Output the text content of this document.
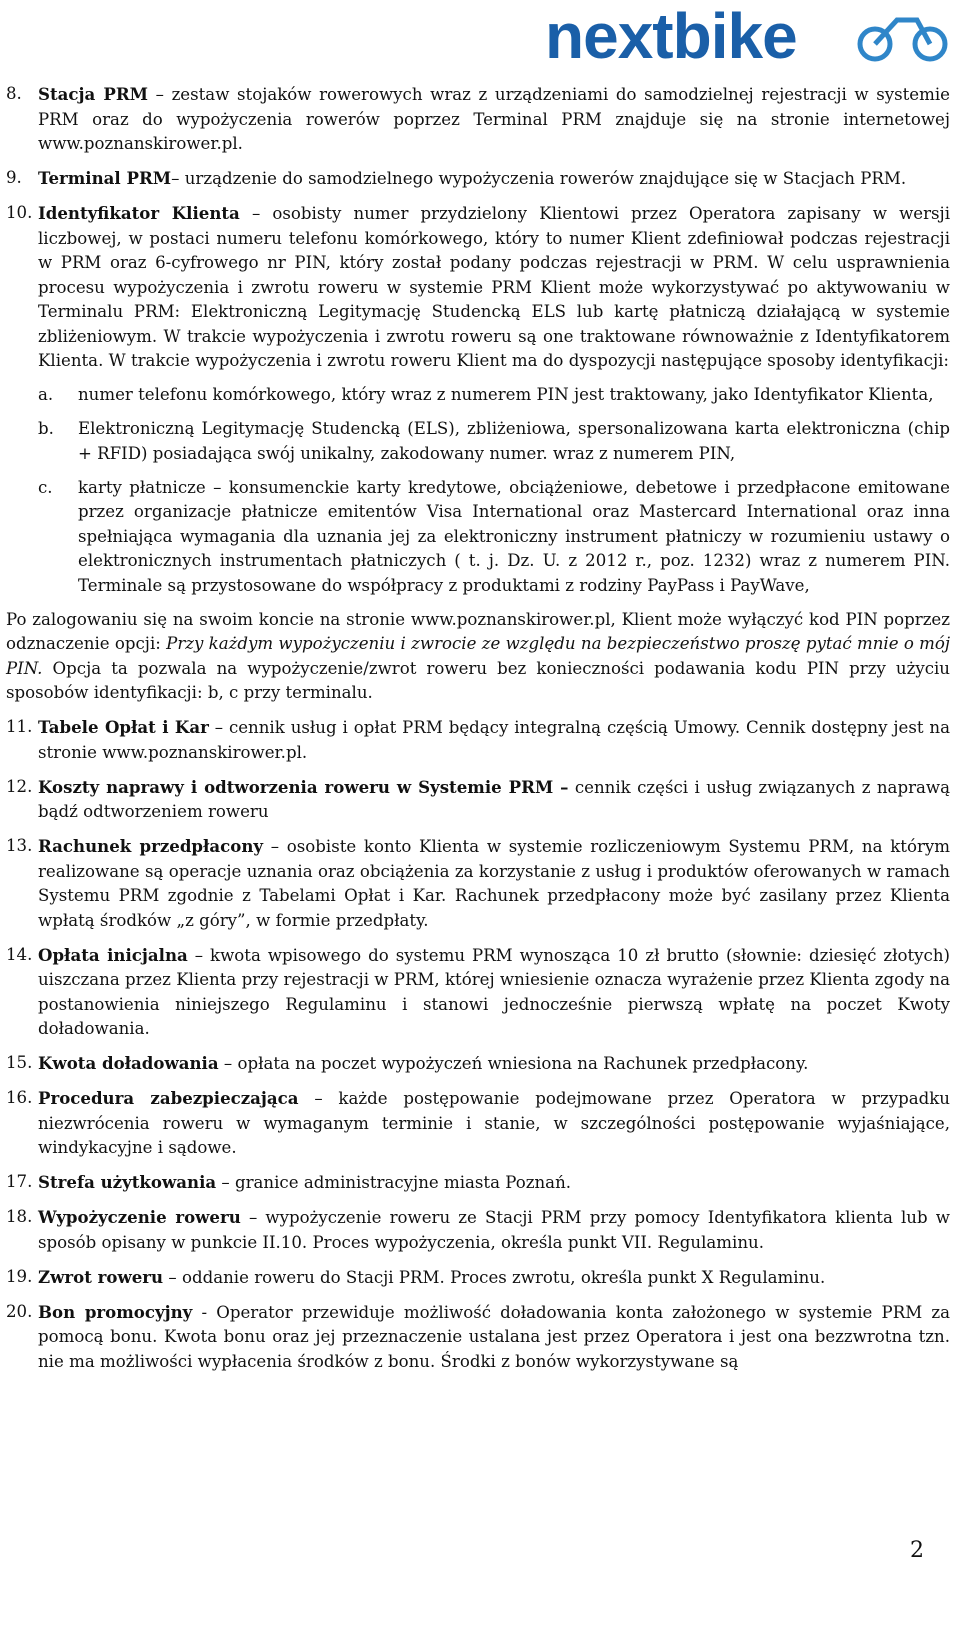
nextbike
8. Stacja PRM – zestaw stojaków rowerowych wraz z urządzeniami do samodzielnej rejestracji w systemie PRM oraz do wypożyczenia rowerów poprzez Terminal PRM znajduje się na stronie internetowej www.poznanskirower.pl.

9. Terminal PRM– urządzenie do samodzielnego wypożyczenia rowerów znajdujące się w Stacjach PRM.

10. Identyfikator Klienta – osobisty numer przydzielony Klientowi przez Operatora zapisany w wersji liczbowej, w postaci numeru telefonu komórkowego, który to numer Klient zdefiniował podczas rejestracji w PRM oraz 6-cyfrowego nr PIN, który został podany podczas rejestracji w PRM. W celu usprawnienia procesu wypożyczenia i zwrotu roweru w systemie PRM Klient może wykorzystywać po aktywowaniu w Terminalu PRM: Elektroniczną Legitymację Studencką ELS lub kartę płatniczą działającą w systemie zbliżeniowym. W trakcie wypożyczenia i zwrotu roweru są one traktowane równoważnie z Identyfikatorem Klienta. W trakcie wypożyczenia i zwrotu roweru Klient ma do dyspozycji następujące sposoby identyfikacji:

a. numer telefonu komórkowego, który wraz z numerem PIN jest traktowany, jako Identyfikator Klienta,
b. Elektroniczną Legitymację Studencką (ELS), zbliżeniowa, spersonalizowana karta elektroniczna (chip + RFID) posiadająca swój unikalny, zakodowany numer. wraz z numerem PIN,
c. karty płatnicze – konsumenckie karty kredytowe, obciążeniowe, debetowe i przedpłacone emitowane przez organizacje płatnicze emitentów Visa International oraz Mastercard International oraz inna spełniająca wymagania dla uznania jej za elektroniczny instrument płatniczy w rozumieniu ustawy o elektronicznych instrumentach płatniczych ( t. j. Dz. U. z 2012 r., poz. 1232) wraz z numerem PIN. Terminale są przystosowane do współpracy z produktami z rodziny PayPass i PayWave,

Po zalogowaniu się na swoim koncie na stronie www.poznanskirower.pl, Klient może wyłączyć kod PIN poprzez odznaczenie opcji: Przy każdym wypożyczeniu i zwrocie ze względu na bezpieczeństwo proszę pytać mnie o mój PIN. Opcja ta pozwala na wypożyczenie/zwrot roweru bez konieczności podawania kodu PIN przy użyciu sposobów identyfikacji: b, c przy terminalu.

11. Tabele Opłat i Kar – cennik usług i opłat PRM będący integralną częścią Umowy. Cennik dostępny jest na stronie www.poznanskirower.pl.

12. Koszty naprawy i odtworzenia roweru w Systemie PRM – cennik części i usług związanych z naprawą bądź odtworzeniem roweru

13. Rachunek przedpłacony – osobiste konto Klienta w systemie rozliczeniowym Systemu PRM, na którym realizowane są operacje uznania oraz obciążenia za korzystanie z usług i produktów oferowanych w ramach Systemu PRM zgodnie z Tabelami Opłat i Kar. Rachunek przedpłacony może być zasilany przez Klienta wpłatą środków „z góry”, w formie przedpłaty.

14. Opłata inicjalna – kwota wpisowego do systemu PRM wynosząca 10 zł brutto (słownie: dziesięć złotych) uiszczana przez Klienta przy rejestracji w PRM, której wniesienie oznacza wyrażenie przez Klienta zgody na postanowienia niniejszego Regulaminu i stanowi jednocześnie pierwszą wpłatę na poczet Kwoty doładowania.

15. Kwota doładowania – opłata na poczet wypożyczeń wniesiona na Rachunek przedpłacony.

16. Procedura zabezpieczająca – każde postępowanie podejmowane przez Operatora w przypadku niezwrócenia roweru w wymaganym terminie i stanie, w szczególności postępowanie wyjaśniające, windykacyjne i sądowe.

17. Strefa użytkowania – granice administracyjne miasta Poznań.

18. Wypożyczenie roweru – wypożyczenie roweru ze Stacji PRM przy pomocy Identyfikatora klienta lub w sposób opisany w punkcie II.10. Proces wypożyczenia, określa punkt VII. Regulaminu.

19. Zwrot roweru – oddanie roweru do Stacji PRM. Proces zwrotu, określa punkt X Regulaminu.

20. Bon promocyjny - Operator przewiduje możliwość doładowania konta założonego w systemie PRM za pomocą bonu. Kwota bonu oraz jej przeznaczenie ustalana jest przez Operatora i jest ona bezzwrotna tzn. nie ma możliwości wypłacenia środków z bonu. Środki z bonów wykorzystywane są

2
